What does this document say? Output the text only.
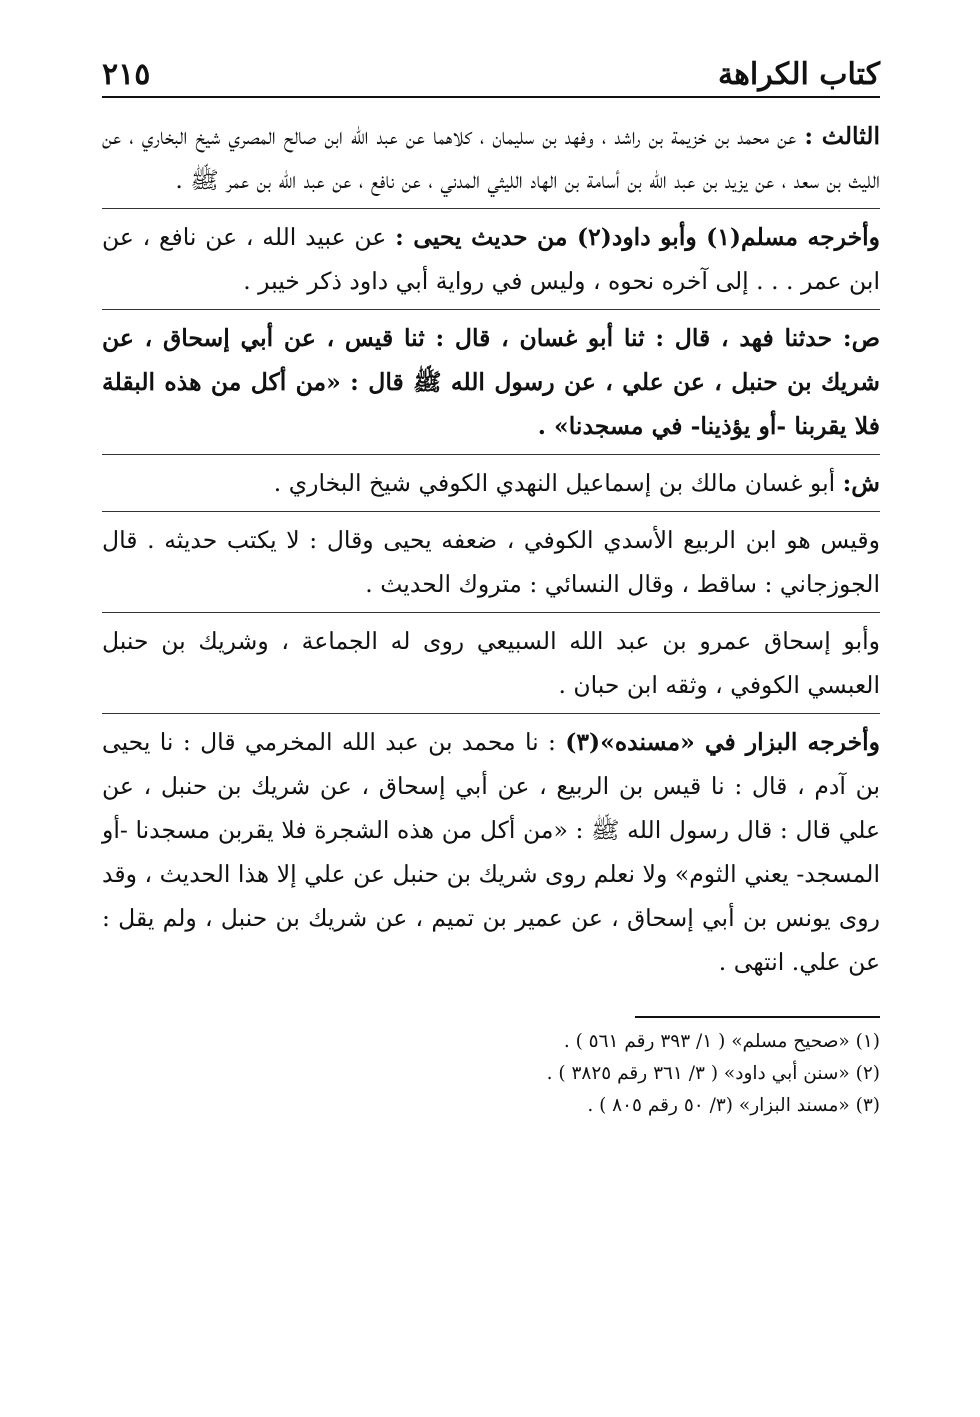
كتاب الكراهة
٢١٥

الثالث : عن محمد بن خزيمة بن راشد ، وفهد بن سليمان ، كلاهما عن عبد الله ابن صالح المصري شيخ البخاري ، عن الليث بن سعد ، عن يزيد بن عبد الله بن أسامة بن الهاد الليثي المدني ، عن نافع ، عن عبد الله بن عمر ﷺ .

وأخرجه مسلم(١) وأبو داود(٢) من حديث يحيى : عن عبيد الله ، عن نافع ، عن ابن عمر . . . إلى آخره نحوه ، وليس في رواية أبي داود ذكر خيبر .

ص: حدثنا فهد ، قال : ثنا أبو غسان ، قال : ثنا قيس ، عن أبي إسحاق ، عن شريك بن حنبل ، عن علي ، عن رسول الله ﷺ قال : «من أكل من هذه البقلة فلا يقربنا -أو يؤذينا- في مسجدنا» .

ش: أبو غسان مالك بن إسماعيل النهدي الكوفي شيخ البخاري .

وقيس هو ابن الربيع الأسدي الكوفي ، ضعفه يحيى وقال : لا يكتب حديثه . قال الجوزجاني : ساقط ، وقال النسائي : متروك الحديث .

وأبو إسحاق عمرو بن عبد الله السبيعي روى له الجماعة ، وشريك بن حنبل العبسي الكوفي ، وثقه ابن حبان .

وأخرجه البزار في «مسنده»(٣) : نا محمد بن عبد الله المخرمي قال : نا يحيى بن آدم ، قال : نا قيس بن الربيع ، عن أبي إسحاق ، عن شريك بن حنبل ، عن علي قال : قال رسول الله ﷺ : «من أكل من هذه الشجرة فلا يقربن مسجدنا -أو المسجد- يعني الثوم» ولا نعلم روى شريك بن حنبل عن علي إلا هذا الحديث ، وقد روى يونس بن أبي إسحاق ، عن عمير بن تميم ، عن شريك بن حنبل ، ولم يقل : عن علي. انتهى .

(١) «صحيح مسلم» ( ١/ ٣٩٣ رقم ٥٦١ ) .

(٢) «سنن أبي داود» ( ٣/ ٣٦١ رقم ٣٨٢٥ ) .

(٣) «مسند البزار» (٣/ ٥٠ رقم ٨٠٥ ) .
